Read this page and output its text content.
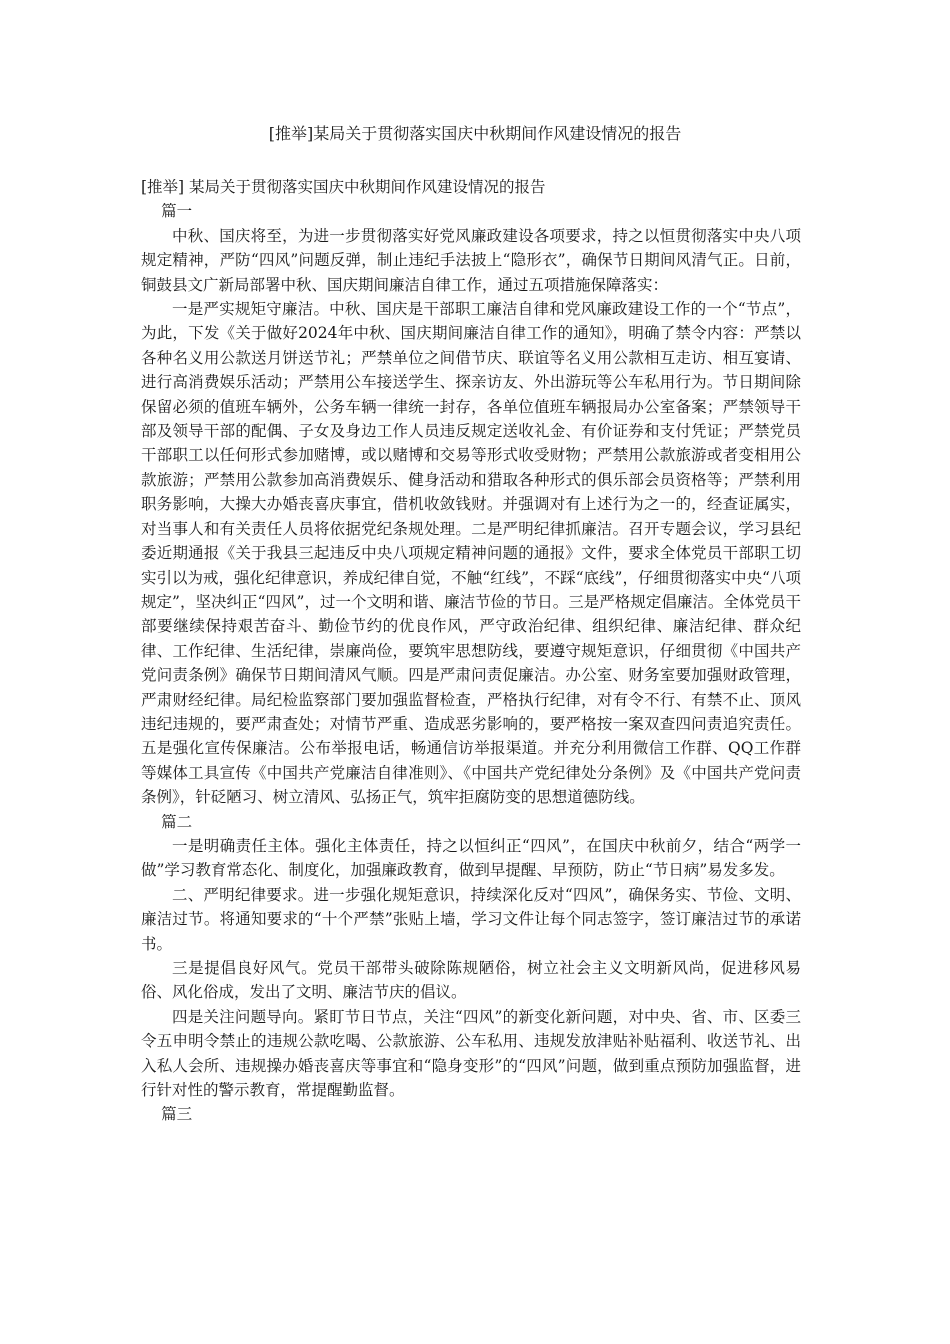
[推举]某局关于贯彻落实国庆中秋期间作风建设情况的报告

[推举] 某局关于贯彻落实国庆中秋期间作风建设情况的报告

篇一

中秋、国庆将至，为进一步贯彻落实好党风廉政建设各项要求，持之以恒贯彻落实中央八项规定精神，严防“四风”问题反弹，制止违纪手法披上“隐形衣”，确保节日期间风清气正。日前，铜鼓县文广新局部署中秋、国庆期间廉洁自律工作，通过五项措施保障落实：

一是严实规矩守廉洁。中秋、国庆是干部职工廉洁自律和党风廉政建设工作的一个“节点”，为此，下发《关于做好2024年中秋、国庆期间廉洁自律工作的通知》，明确了禁令内容：严禁以各种名义用公款送月饼送节礼；严禁单位之间借节庆、联谊等名义用公款相互走访、相互宴请、进行高消费娱乐活动；严禁用公车接送学生、探亲访友、外出游玩等公车私用行为。节日期间除保留必须的值班车辆外，公务车辆一律统一封存，各单位值班车辆报局办公室备案；严禁领导干部及领导干部的配偶、子女及身边工作人员违反规定送收礼金、有价证券和支付凭证；严禁党员干部职工以任何形式参加赌博，或以赌博和交易等形式收受财物；严禁用公款旅游或者变相用公款旅游；严禁用公款参加高消费娱乐、健身活动和猎取各种形式的俱乐部会员资格等；严禁利用职务影响，大操大办婚丧喜庆事宜，借机收敛钱财。并强调对有上述行为之一的，经查证属实，对当事人和有关责任人员将依据党纪条规处理。二是严明纪律抓廉洁。召开专题会议，学习县纪委近期通报《关于我县三起违反中央八项规定精神问题的通报》文件，要求全体党员干部职工切实引以为戒，强化纪律意识，养成纪律自觉，不触“红线”，不踩“底线”，仔细贯彻落实中央“八项规定”，坚决纠正“四风”，过一个文明和谐、廉洁节俭的节日。三是严格规定倡廉洁。全体党员干部要继续保持艰苦奋斗、勤俭节约的优良作风，严守政治纪律、组织纪律、廉洁纪律、群众纪律、工作纪律、生活纪律，崇廉尚俭，要筑牢思想防线，要遵守规矩意识，仔细贯彻《中国共产党问责条例》确保节日期间清风气顺。四是严肃问责促廉洁。办公室、财务室要加强财政管理，严肃财经纪律。局纪检监察部门要加强监督检查，严格执行纪律，对有令不行、有禁不止、顶风违纪违规的，要严肃查处；对情节严重、造成恶劣影响的，要严格按一案双查四问责追究责任。五是强化宣传保廉洁。公布举报电话，畅通信访举报渠道。并充分利用微信工作群、QQ工作群等媒体工具宣传《中国共产党廉洁自律准则》、《中国共产党纪律处分条例》及《中国共产党问责条例》，针砭陋习、树立清风、弘扬正气，筑牢拒腐防变的思想道德防线。

篇二

一是明确责任主体。强化主体责任，持之以恒纠正“四风”，在国庆中秋前夕，结合“两学一做”学习教育常态化、制度化，加强廉政教育，做到早提醒、早预防，防止“节日病”易发多发。

二、严明纪律要求。进一步强化规矩意识，持续深化反对“四风”，确保务实、节俭、文明、廉洁过节。将通知要求的“十个严禁”张贴上墙，学习文件让每个同志签字，签订廉洁过节的承诺书。

三是提倡良好风气。党员干部带头破除陈规陋俗，树立社会主义文明新风尚，促进移风易俗、风化俗成，发出了文明、廉洁节庆的倡议。

四是关注问题导向。紧盯节日节点，关注“四风”的新变化新问题，对中央、省、市、区委三令五申明令禁止的违规公款吃喝、公款旅游、公车私用、违规发放津贴补贴福利、收送节礼、出入私人会所、违规操办婚丧喜庆等事宜和“隐身变形”的“四风”问题，做到重点预防加强监督，进行针对性的警示教育，常提醒勤监督。

篇三
